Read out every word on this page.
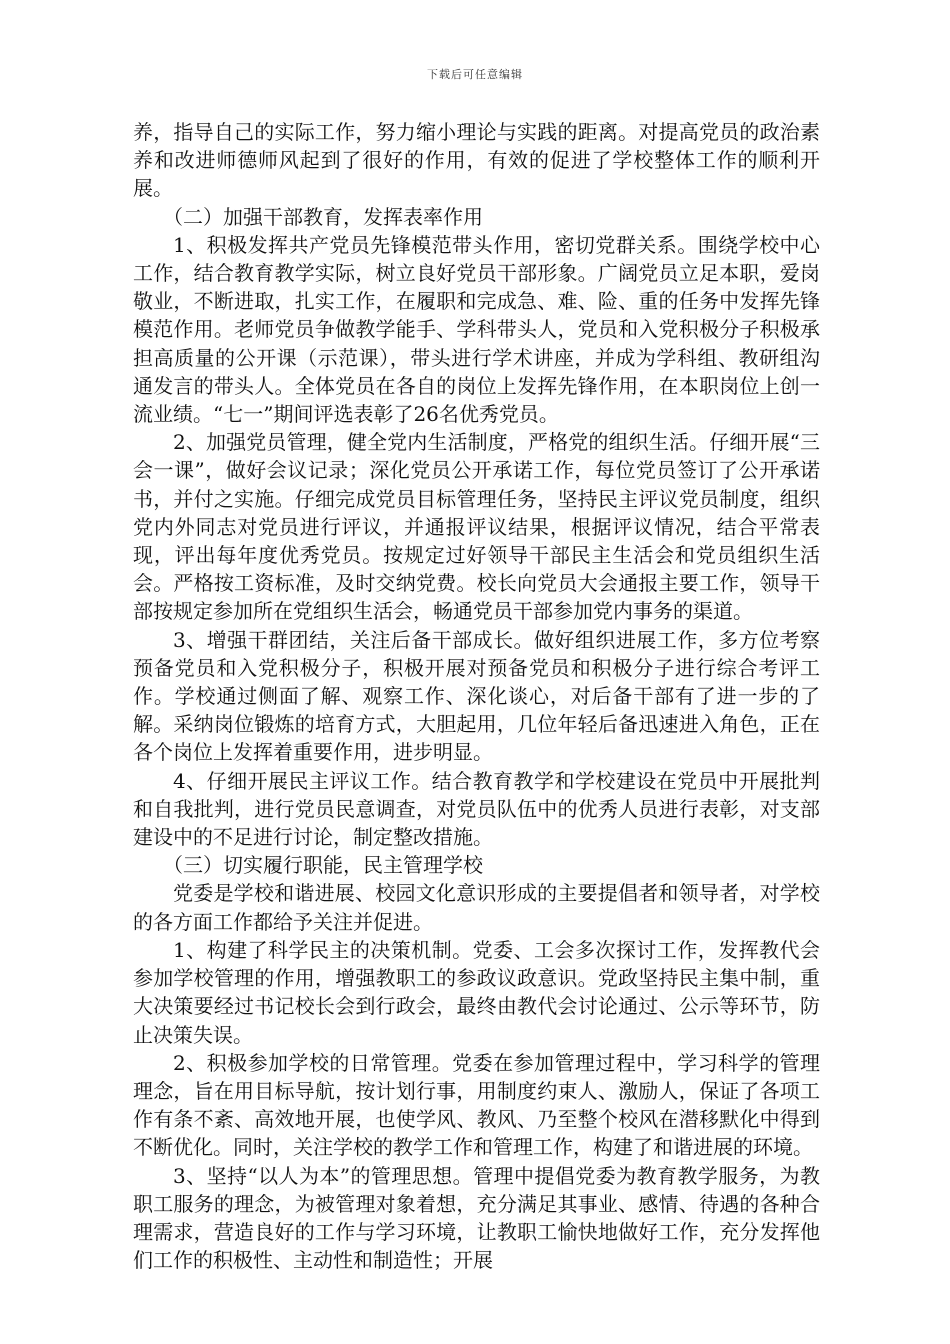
下载后可任意编辑

养，指导自己的实际工作，努力缩小理论与实践的距离。对提高党员的政治素养和改进师德师风起到了很好的作用，有效的促进了学校整体工作的顺利开展。

（二）加强干部教育，发挥表率作用

1、积极发挥共产党员先锋模范带头作用，密切党群关系。围绕学校中心工作，结合教育教学实际，树立良好党员干部形象。广阔党员立足本职，爱岗敬业，不断进取，扎实工作，在履职和完成急、难、险、重的任务中发挥先锋模范作用。老师党员争做教学能手、学科带头人，党员和入党积极分子积极承担高质量的公开课（示范课），带头进行学术讲座，并成为学科组、教研组沟通发言的带头人。全体党员在各自的岗位上发挥先锋作用，在本职岗位上创一流业绩。“七一”期间评选表彰了26名优秀党员。

2、加强党员管理，健全党内生活制度，严格党的组织生活。仔细开展“三会一课”，做好会议记录；深化党员公开承诺工作，每位党员签订了公开承诺书，并付之实施。仔细完成党员目标管理任务，坚持民主评议党员制度，组织党内外同志对党员进行评议，并通报评议结果，根据评议情况，结合平常表现，评出每年度优秀党员。按规定过好领导干部民主生活会和党员组织生活会。严格按工资标准，及时交纳党费。校长向党员大会通报主要工作，领导干部按规定参加所在党组织生活会，畅通党员干部参加党内事务的渠道。

3、增强干群团结，关注后备干部成长。做好组织进展工作，多方位考察预备党员和入党积极分子，积极开展对预备党员和积极分子进行综合考评工作。学校通过侧面了解、观察工作、深化谈心，对后备干部有了进一步的了解。采纳岗位锻炼的培育方式，大胆起用，几位年轻后备迅速进入角色，正在各个岗位上发挥着重要作用，进步明显。

4、仔细开展民主评议工作。结合教育教学和学校建设在党员中开展批判和自我批判，进行党员民意调查，对党员队伍中的优秀人员进行表彰，对支部建设中的不足进行讨论，制定整改措施。

（三）切实履行职能，民主管理学校

党委是学校和谐进展、校园文化意识形成的主要提倡者和领导者，对学校的各方面工作都给予关注并促进。

1、构建了科学民主的决策机制。党委、工会多次探讨工作，发挥教代会参加学校管理的作用，增强教职工的参政议政意识。党政坚持民主集中制，重大决策要经过书记校长会到行政会，最终由教代会讨论通过、公示等环节，防止决策失误。

2、积极参加学校的日常管理。党委在参加管理过程中，学习科学的管理理念，旨在用目标导航，按计划行事，用制度约束人、激励人，保证了各项工作有条不紊、高效地开展，也使学风、教风、乃至整个校风在潜移默化中得到不断优化。同时，关注学校的教学工作和管理工作，构建了和谐进展的环境。

3、坚持“以人为本”的管理思想。管理中提倡党委为教育教学服务，为教职工服务的理念，为被管理对象着想，充分满足其事业、感情、待遇的各种合理需求，营造良好的工作与学习环境，让教职工愉快地做好工作，充分发挥他们工作的积极性、主动性和制造性；开展
